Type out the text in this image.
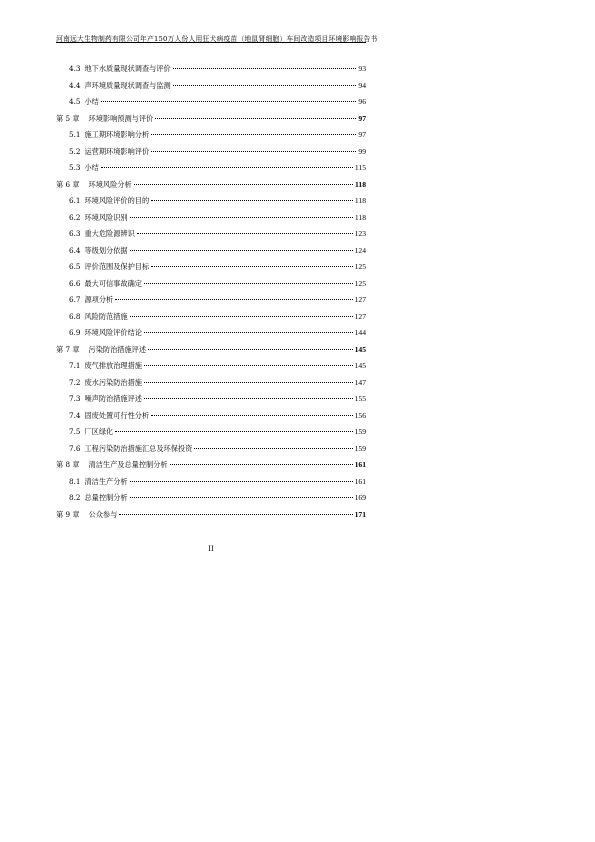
河南远大生物制药有限公司年产150万人份人用狂犬病疫苗（地鼠肾细胞）车间改造项目环境影响报告书
4.3 地下水质量现状调查与评价	93
4.4 声环境质量现状调查与监测	94
4.5 小结	96
第 5 章 环境影响预测与评价	97
5.1 施工期环境影响分析	97
5.2 运营期环境影响评价	99
5.3 小结	115
第 6 章 环境风险分析	118
6.1 环境风险评价的目的	118
6.2 环境风险识别	118
6.3 重大危险源辨识	123
6.4 等级划分依据	124
6.5 评价范围及保护目标	125
6.6 最大可信事故确定	125
6.7 源项分析	127
6.8 风险防范措施	127
6.9 环境风险评价结论	144
第 7 章 污染防治措施评述	145
7.1 废气排放治理措施	145
7.2 废水污染防治措施	147
7.3 噪声防治措施评述	155
7.4 固废处置可行性分析	156
7.5 厂区绿化	159
7.6 工程污染防治措施汇总及环保投资	159
第 8 章 清洁生产及总量控制分析	161
8.1 清洁生产分析	161
8.2 总量控制分析	169
第 9 章 公众参与	171
II
